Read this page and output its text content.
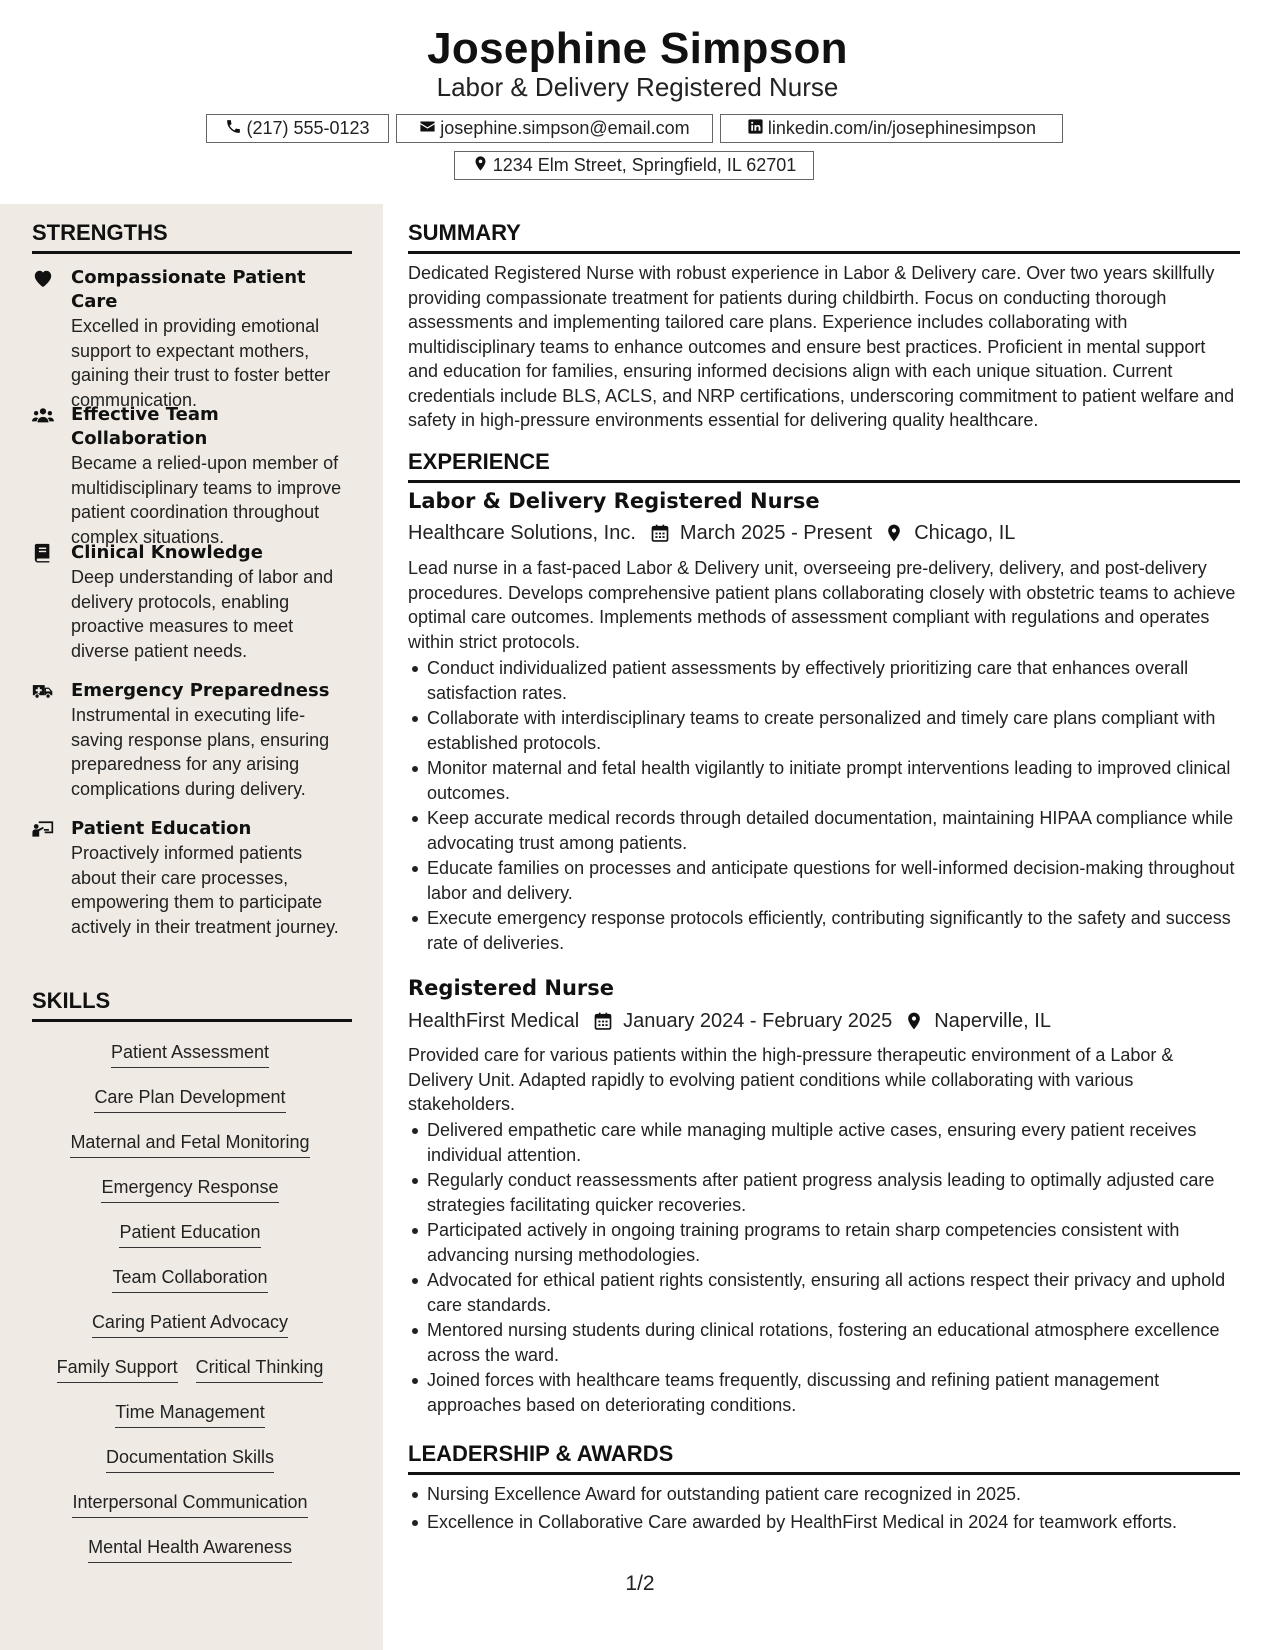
Josephine Simpson
Labor & Delivery Registered Nurse
(217) 555-0123	josephine.simpson@email.com	linkedin.com/in/josephinesimpson
1234 Elm Street, Springfield, IL 62701
STRENGTHS
Compassionate Patient Care
Excelled in providing emotional support to expectant mothers, gaining their trust to foster better communication.
Effective Team Collaboration
Became a relied-upon member of multidisciplinary teams to improve patient coordination throughout complex situations.
Clinical Knowledge
Deep understanding of labor and delivery protocols, enabling proactive measures to meet diverse patient needs.
Emergency Preparedness
Instrumental in executing life-saving response plans, ensuring preparedness for any arising complications during delivery.
Patient Education
Proactively informed patients about their care processes, empowering them to participate actively in their treatment journey.
SKILLS
Patient Assessment
Care Plan Development
Maternal and Fetal Monitoring
Emergency Response
Patient Education
Team Collaboration
Caring Patient Advocacy
Family Support Critical Thinking
Time Management
Documentation Skills
Interpersonal Communication
Mental Health Awareness
SUMMARY
Dedicated Registered Nurse with robust experience in Labor & Delivery care. Over two years skillfully providing compassionate treatment for patients during childbirth. Focus on conducting thorough assessments and implementing tailored care plans. Experience includes collaborating with multidisciplinary teams to enhance outcomes and ensure best practices. Proficient in mental support and education for families, ensuring informed decisions align with each unique situation. Current credentials include BLS, ACLS, and NRP certifications, underscoring commitment to patient welfare and safety in high-pressure environments essential for delivering quality healthcare.
EXPERIENCE
Labor & Delivery Registered Nurse
Healthcare Solutions, Inc. March 2025 - Present Chicago, IL
Lead nurse in a fast-paced Labor & Delivery unit, overseeing pre-delivery, delivery, and post-delivery procedures. Develops comprehensive patient plans collaborating closely with obstetric teams to achieve optimal care outcomes. Implements methods of assessment compliant with regulations and operates within strict protocols.
Conduct individualized patient assessments by effectively prioritizing care that enhances overall satisfaction rates.
Collaborate with interdisciplinary teams to create personalized and timely care plans compliant with established protocols.
Monitor maternal and fetal health vigilantly to initiate prompt interventions leading to improved clinical outcomes.
Keep accurate medical records through detailed documentation, maintaining HIPAA compliance while advocating trust among patients.
Educate families on processes and anticipate questions for well-informed decision-making throughout labor and delivery.
Execute emergency response protocols efficiently, contributing significantly to the safety and success rate of deliveries.
Registered Nurse
HealthFirst Medical January 2024 - February 2025 Naperville, IL
Provided care for various patients within the high-pressure therapeutic environment of a Labor & Delivery Unit. Adapted rapidly to evolving patient conditions while collaborating with various stakeholders.
Delivered empathetic care while managing multiple active cases, ensuring every patient receives individual attention.
Regularly conduct reassessments after patient progress analysis leading to optimally adjusted care strategies facilitating quicker recoveries.
Participated actively in ongoing training programs to retain sharp competencies consistent with advancing nursing methodologies.
Advocated for ethical patient rights consistently, ensuring all actions respect their privacy and uphold care standards.
Mentored nursing students during clinical rotations, fostering an educational atmosphere excellence across the ward.
Joined forces with healthcare teams frequently, discussing and refining patient management approaches based on deteriorating conditions.
LEADERSHIP & AWARDS
Nursing Excellence Award for outstanding patient care recognized in 2025.
Excellence in Collaborative Care awarded by HealthFirst Medical in 2024 for teamwork efforts.
1/2
